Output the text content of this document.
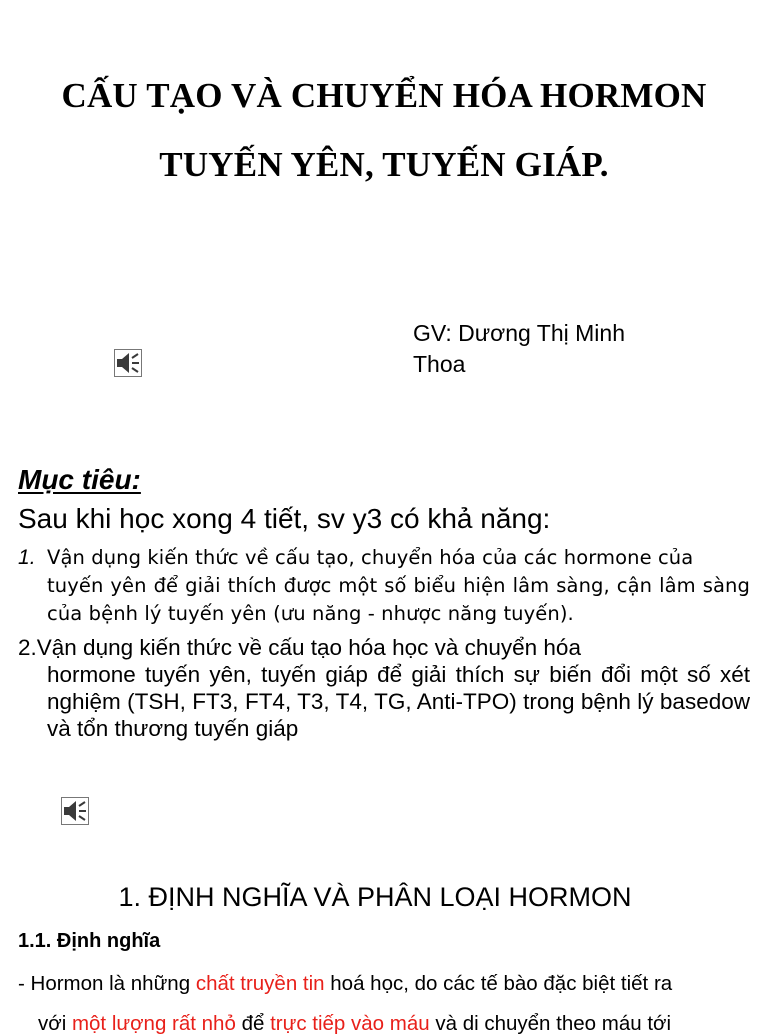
CẤU TẠO VÀ CHUYỂN HÓA HORMON
TUYẾN YÊN, TUYẾN GIÁP.
GV: Dương Thị Minh
Thoa
Mục tiêu:
Sau khi học xong 4 tiết, sv y3 có khả năng:
1. Vận dụng kiến thức về cấu tạo, chuyển hóa của các hormone của
tuyến yên để giải thích được một số biểu hiện lâm sàng, cận lâm sàng của bệnh lý tuyến yên (ưu năng - nhược năng tuyến).
2.Vận dụng kiến thức về cấu tạo hóa học và chuyển hóa
hormone tuyến yên, tuyến giáp để giải thích sự biến đổi một số xét nghiệm (TSH, FT3, FT4, T3, T4, TG, Anti-TPO) trong bệnh lý basedow và tổn thương tuyến giáp
1. ĐỊNH NGHĨA VÀ PHÂN LOẠI HORMON
1.1. Định nghĩa
- Hormon là những chất truyền tin hoá học, do các tế bào đặc biệt tiết ra
với một lượng rất nhỏ để trực tiếp vào máu và di chuyển theo máu tới
